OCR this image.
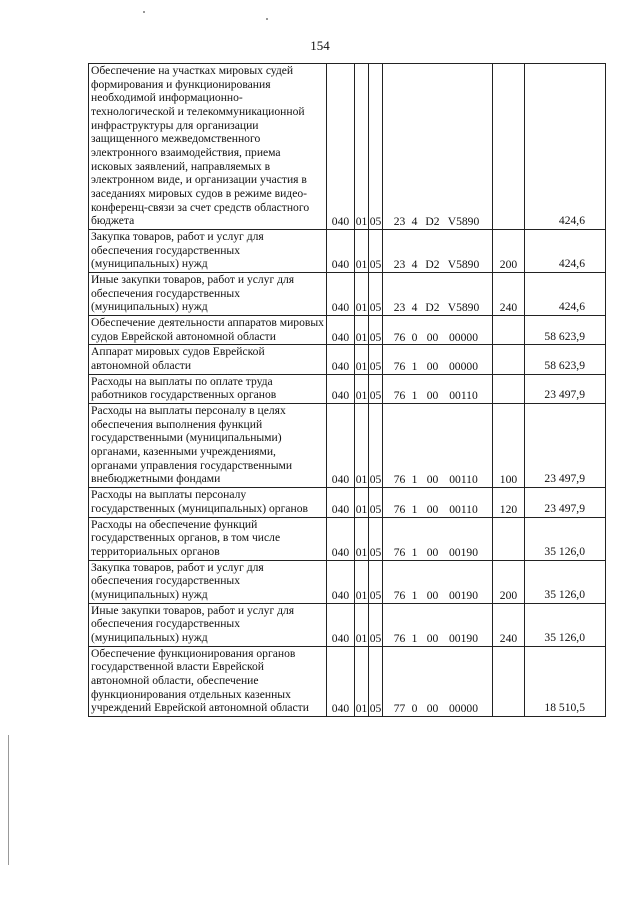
154
Обеспечение на участках мировых судей формирования и функционирования необходимой информационно-технологической и телекоммуникационной инфраструктуры для организации защищенного межведомственного электронного взаимодействия, приема исковых заявлений, направляемых в электронном виде, и организации участия в заседаниях мировых судов в режиме видео-конференц-связи за счет средств областного бюджета	040	01	05	23 4 D2 V5890		424,6
Закупка товаров, работ и услуг для обеспечения государственных (муниципальных) нужд	040	01	05	23 4 D2 V5890	200	424,6
Иные закупки товаров, работ и услуг для обеспечения государственных (муниципальных) нужд	040	01	05	23 4 D2 V5890	240	424,6
Обеспечение деятельности аппаратов мировых судов Еврейской автономной области	040	01	05	76 0 00 00000		58 623,9
Аппарат мировых судов Еврейской автономной области	040	01	05	76 1 00 00000		58 623,9
Расходы на выплаты по оплате труда работников государственных органов	040	01	05	76 1 00 00110		23 497,9
Расходы на выплаты персоналу в целях обеспечения выполнения функций государственными (муниципальными) органами, казенными учреждениями, органами управления государственными внебюджетными фондами	040	01	05	76 1 00 00110	100	23 497,9
Расходы на выплаты персоналу государственных (муниципальных) органов	040	01	05	76 1 00 00110	120	23 497,9
Расходы на обеспечение функций государственных органов, в том числе территориальных органов	040	01	05	76 1 00 00190		35 126,0
Закупка товаров, работ и услуг для обеспечения государственных (муниципальных) нужд	040	01	05	76 1 00 00190	200	35 126,0
Иные закупки товаров, работ и услуг для обеспечения государственных (муниципальных) нужд	040	01	05	76 1 00 00190	240	35 126,0
Обеспечение функционирования органов государственной власти Еврейской автономной области, обеспечение функционирования отдельных казенных учреждений Еврейской автономной области	040	01	05	77 0 00 00000		18 510,5
